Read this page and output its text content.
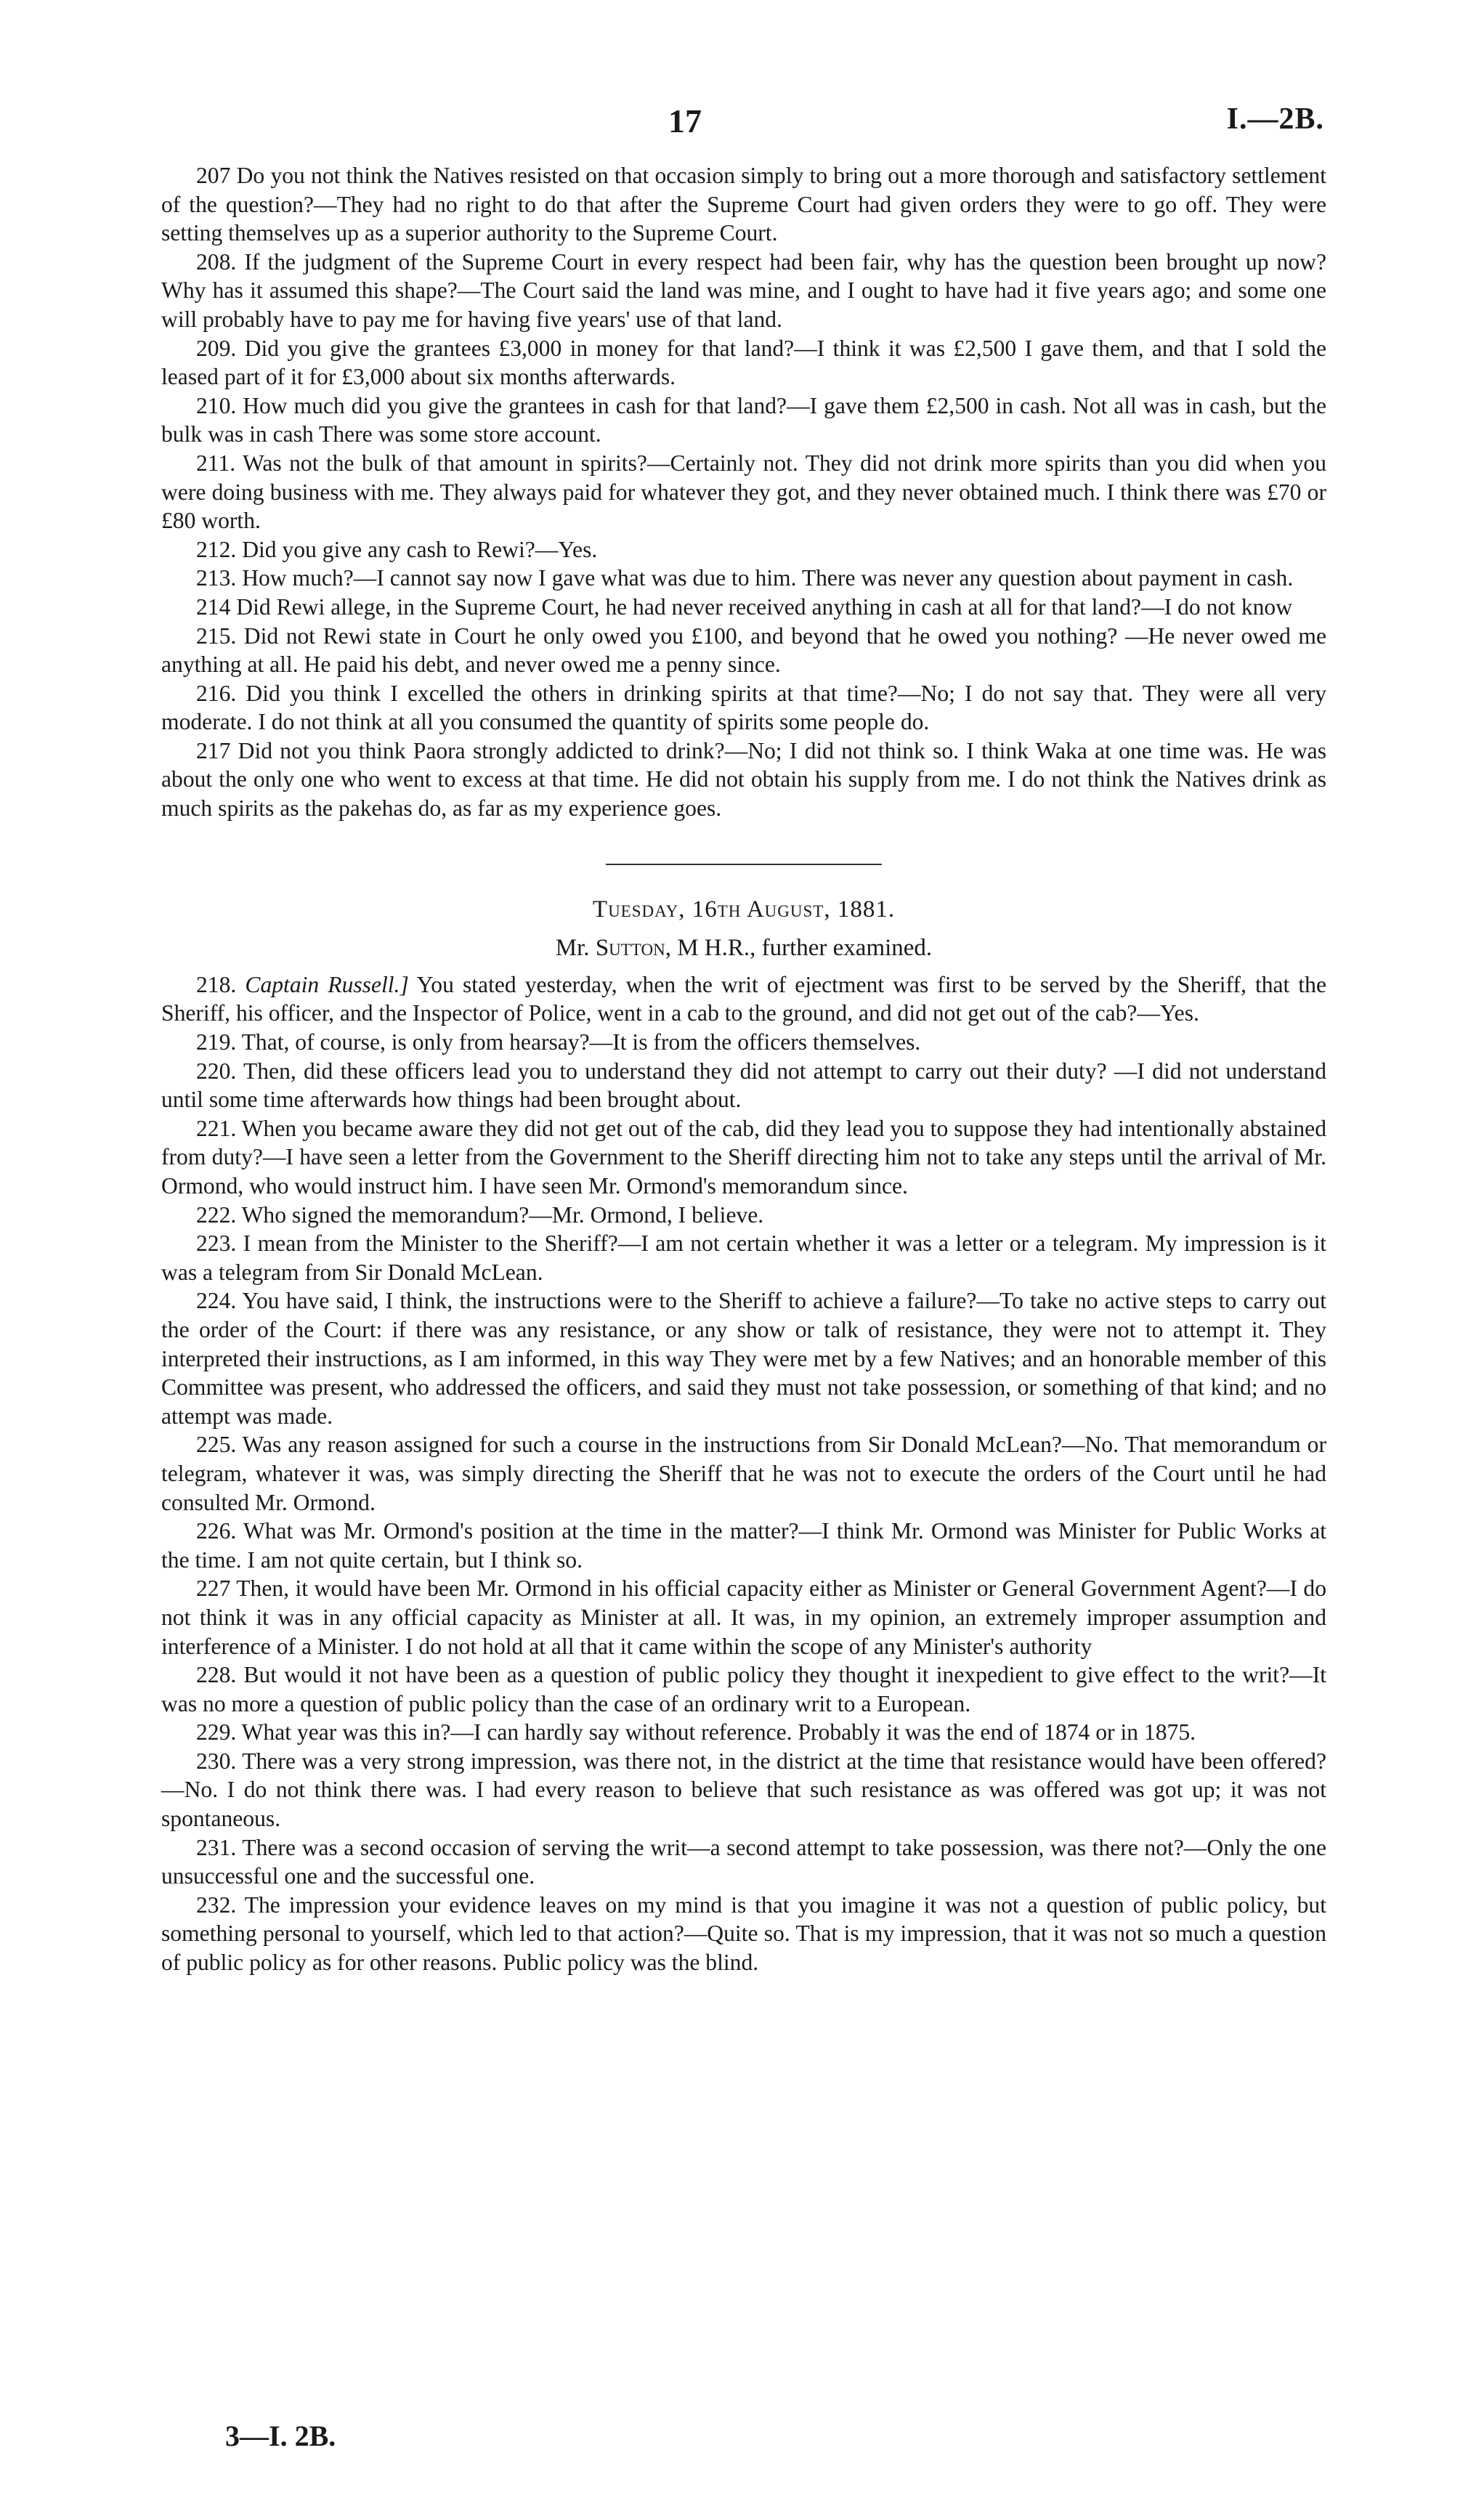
17	I.—2B.

207 Do you not think the Natives resisted on that occasion simply to bring out a more thorough and satisfactory settlement of the question?—They had no right to do that after the Supreme Court had given orders they were to go off. They were setting themselves up as a superior authority to the Supreme Court.

208. If the judgment of the Supreme Court in every respect had been fair, why has the question been brought up now? Why has it assumed this shape?—The Court said the land was mine, and I ought to have had it five years ago; and some one will probably have to pay me for having five years' use of that land.

209. Did you give the grantees £3,000 in money for that land?—I think it was £2,500 I gave them, and that I sold the leased part of it for £3,000 about six months afterwards.

210. How much did you give the grantees in cash for that land?—I gave them £2,500 in cash. Not all was in cash, but the bulk was in cash There was some store account.

211. Was not the bulk of that amount in spirits?—Certainly not. They did not drink more spirits than you did when you were doing business with me. They always paid for whatever they got, and they never obtained much. I think there was £70 or £80 worth.

212. Did you give any cash to Rewi?—Yes.

213. How much?—I cannot say now I gave what was due to him. There was never any question about payment in cash.

214 Did Rewi allege, in the Supreme Court, he had never received anything in cash at all for that land?—I do not know

215. Did not Rewi state in Court he only owed you £100, and beyond that he owed you nothing? —He never owed me anything at all. He paid his debt, and never owed me a penny since.

216. Did you think I excelled the others in drinking spirits at that time?—No; I do not say that. They were all very moderate. I do not think at all you consumed the quantity of spirits some people do.

217 Did not you think Paora strongly addicted to drink?—No; I did not think so. I think Waka at one time was. He was about the only one who went to excess at that time. He did not obtain his supply from me. I do not think the Natives drink as much spirits as the pakehas do, as far as my experience goes.

Tuesday, 16th August, 1881.

Mr. Sutton, M H.R., further examined.

218. Captain Russell.] You stated yesterday, when the writ of ejectment was first to be served by the Sheriff, that the Sheriff, his officer, and the Inspector of Police, went in a cab to the ground, and did not get out of the cab?—Yes.

219. That, of course, is only from hearsay?—It is from the officers themselves.

220. Then, did these officers lead you to understand they did not attempt to carry out their duty? —I did not understand until some time afterwards how things had been brought about.

221. When you became aware they did not get out of the cab, did they lead you to suppose they had intentionally abstained from duty?—I have seen a letter from the Government to the Sheriff directing him not to take any steps until the arrival of Mr. Ormond, who would instruct him. I have seen Mr. Ormond's memorandum since.

222. Who signed the memorandum?—Mr. Ormond, I believe.

223. I mean from the Minister to the Sheriff?—I am not certain whether it was a letter or a telegram. My impression is it was a telegram from Sir Donald McLean.

224. You have said, I think, the instructions were to the Sheriff to achieve a failure?—To take no active steps to carry out the order of the Court: if there was any resistance, or any show or talk of resistance, they were not to attempt it. They interpreted their instructions, as I am informed, in this way They were met by a few Natives; and an honorable member of this Committee was present, who addressed the officers, and said they must not take possession, or something of that kind; and no attempt was made.

225. Was any reason assigned for such a course in the instructions from Sir Donald McLean?—No. That memorandum or telegram, whatever it was, was simply directing the Sheriff that he was not to execute the orders of the Court until he had consulted Mr. Ormond.

226. What was Mr. Ormond's position at the time in the matter?—I think Mr. Ormond was Minister for Public Works at the time. I am not quite certain, but I think so.

227 Then, it would have been Mr. Ormond in his official capacity either as Minister or General Government Agent?—I do not think it was in any official capacity as Minister at all. It was, in my opinion, an extremely improper assumption and interference of a Minister. I do not hold at all that it came within the scope of any Minister's authority

228. But would it not have been as a question of public policy they thought it inexpedient to give effect to the writ?—It was no more a question of public policy than the case of an ordinary writ to a European.

229. What year was this in?—I can hardly say without reference. Probably it was the end of 1874 or in 1875.

230. There was a very strong impression, was there not, in the district at the time that resistance would have been offered?—No. I do not think there was. I had every reason to believe that such resistance as was offered was got up; it was not spontaneous.

231. There was a second occasion of serving the writ—a second attempt to take possession, was there not?—Only the one unsuccessful one and the successful one.

232. The impression your evidence leaves on my mind is that you imagine it was not a question of public policy, but something personal to yourself, which led to that action?—Quite so. That is my impression, that it was not so much a question of public policy as for other reasons. Public policy was the blind.

3—I. 2B.
